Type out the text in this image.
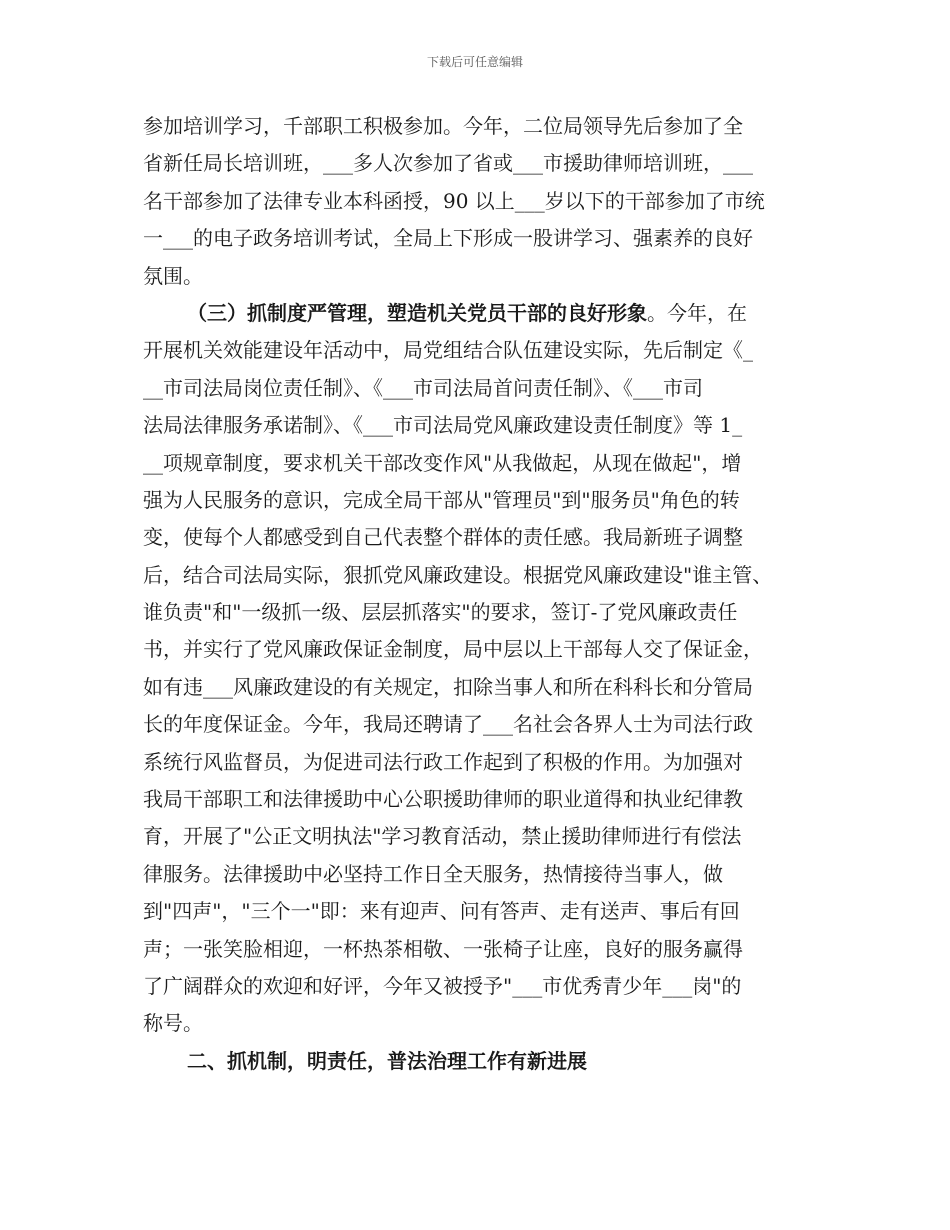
下载后可任意编辑
参加培训学习，千部职工积极参加。今年，二位局领导先后参加了全
省新任局长培训班，___多人次参加了省或___市援助律师培训班，___
名干部参加了法律专业本科函授，90 以上___岁以下的干部参加了市统
一___的电子政务培训考试，全局上下形成一股讲学习、强素养的良好
氛围。
（三）抓制度严管理，塑造机关党员干部的良好形象。今年，在
开展机关效能建设年活动中，局党组结合队伍建设实际，先后制定《_
__市司法局岗位责任制》、《___市司法局首问责任制》、《___市司
法局法律服务承诺制》、《___市司法局党风廉政建设责任制度》等 1_
__项规章制度，要求机关干部改变作风"从我做起，从现在做起"，增
强为人民服务的意识，完成全局干部从"管理员"到"服务员"角色的转
变，使每个人都感受到自己代表整个群体的责任感。我局新班子调整
后，结合司法局实际，狠抓党风廉政建设。根据党风廉政建设"谁主管、
谁负责"和"一级抓一级、层层抓落实"的要求，签订-了党风廉政责任
书，并实行了党风廉政保证金制度，局中层以上干部每人交了保证金，
如有违___风廉政建设的有关规定，扣除当事人和所在科科长和分管局
长的年度保证金。今年，我局还聘请了___名社会各界人士为司法行政
系统行风监督员，为促进司法行政工作起到了积极的作用。为加强对
我局干部职工和法律援助中心公职援助律师的职业道得和执业纪律教
育，开展了"公正文明执法"学习教育活动，禁止援助律师进行有偿法
律服务。法律援助中必坚持工作日全天服务，热情接待当事人，做
到"四声"，"三个一"即：来有迎声、问有答声、走有送声、事后有回
声；一张笑脸相迎，一杯热茶相敬、一张椅子让座，良好的服务赢得
了广阔群众的欢迎和好评，今年又被授予"___市优秀青少年___岗"的
称号。
二、抓机制，明责任，普法治理工作有新进展
